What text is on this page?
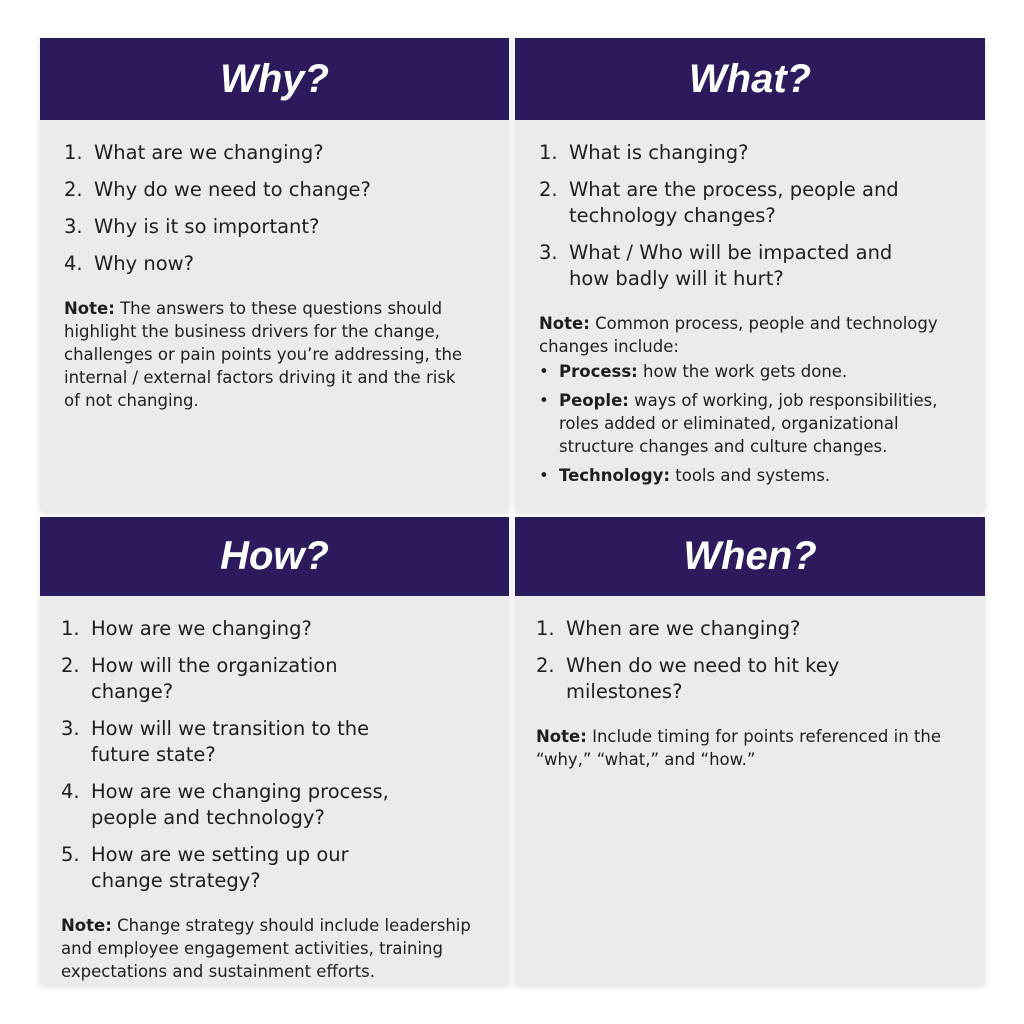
Why?
1. What are we changing?
2. Why do we need to change?
3. Why is it so important?
4. Why now?
Note: The answers to these questions should highlight the business drivers for the change, challenges or pain points you’re addressing, the internal / external factors driving it and the risk of not changing.
What?
1. What is changing?
2. What are the process, people and technology changes?
3. What / Who will be impacted and how badly will it hurt?
Note: Common process, people and technology changes include:
• Process: how the work gets done.
• People: ways of working, job responsibilities, roles added or eliminated, organizational structure changes and culture changes.
• Technology: tools and systems.
How?
1. How are we changing?
2. How will the organization change?
3. How will we transition to the future state?
4. How are we changing process, people and technology?
5. How are we setting up our change strategy?
Note: Change strategy should include leadership and employee engagement activities, training expectations and sustainment efforts.
When?
1. When are we changing?
2. When do we need to hit key milestones?
Note: Include timing for points referenced in the “why,” “what,” and “how.”
